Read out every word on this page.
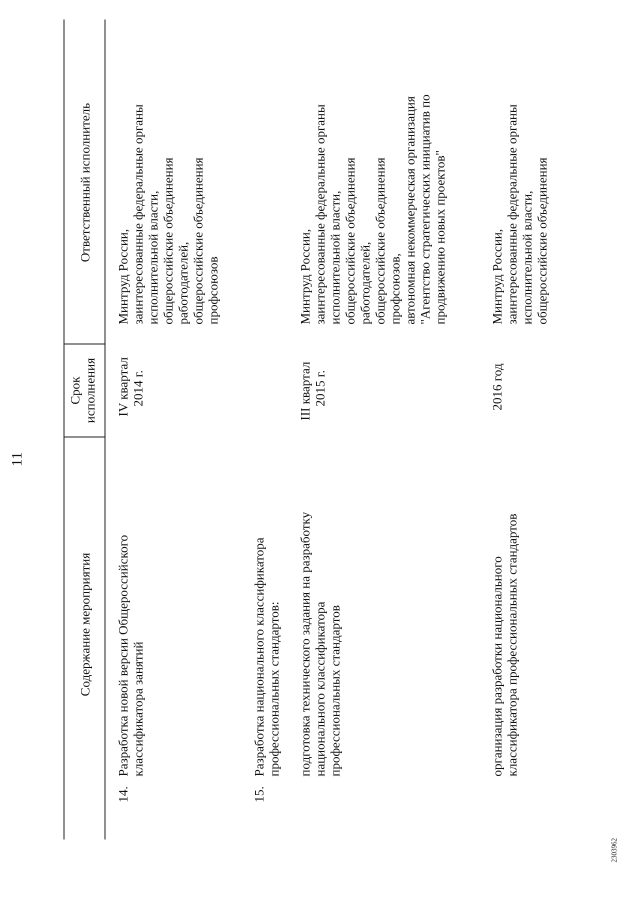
11
Содержание мероприятия
Срок исполнения
Ответственный исполнитель
14.
Разработка новой версии Общероссийского классификатора занятий
IV квартал 2014 г.
Минтруд России, заинтересованные федеральные органы исполнительной власти, общероссийские объединения работодателей, общероссийские объединения профсоюзов
15.
Разработка национального классификатора профессиональных стандартов: подготовка технического задания на разработку национального классификатора профессиональных стандартов
III квартал 2015 г.
Минтруд России, заинтересованные федеральные органы исполнительной власти, общероссийские объединения работодателей, общероссийские объединения профсоюзов, автономная некоммерческая организация "Агентство стратегических инициатив по продвижению новых проектов"
организация разработки национального классификатора профессиональных стандартов
2016 год
Минтруд России, заинтересованные федеральные органы исполнительной власти, общероссийские объединения
2303962
